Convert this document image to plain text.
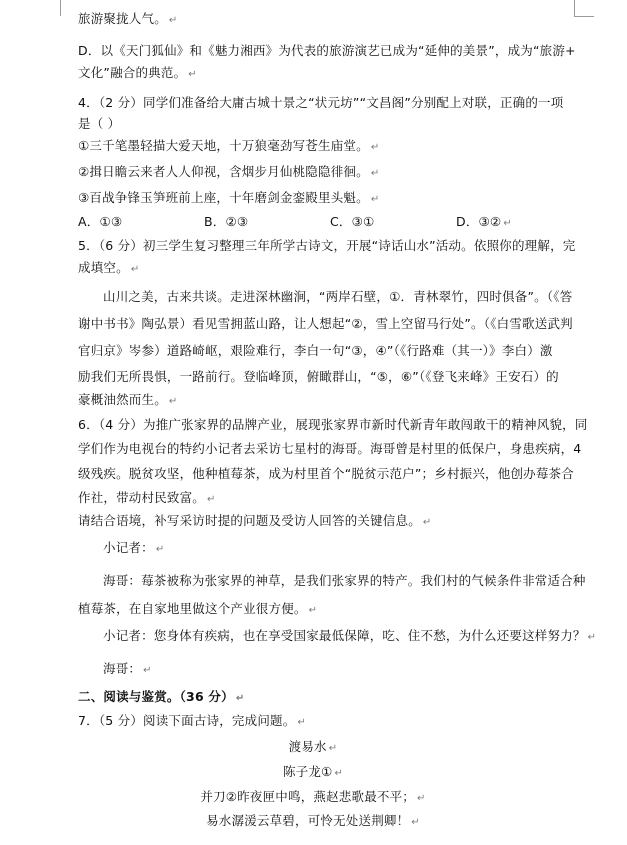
旅游聚拢人气。 ↵
D．以《天门狐仙》和《魅力湘西》为代表的旅游演艺已成为“延伸的美景”，成为“旅游+
文化”融合的典范。 ↵
4．（2 分）同学们准备给大庸古城十景之“状元坊”“文昌阁”分别配上对联，正确的一项
是（ ）
①三千笔墨轻描大爱天地，十万狼毫劲写苍生庙堂。 ↵
②揖日瞻云来者人人仰视，含烟步月仙桃隐隐徘徊。 ↵
③百战争锋玉笋班前上座，十年磨剑金銮殿里头魁。 ↵
A．①③	B．②③	C．③①	D．③② ↵
5．（6 分）初三学生复习整理三年所学古诗文，开展“诗话山水”活动。依照你的理解，完
成填空。 ↵
山川之美，古来共谈。走进深林幽涧，“两岸石壁，①．青林翠竹，四时俱备”。（《答
谢中书书》陶弘景）看见雪拥蓝山路，让人想起“②，雪上空留马行处”。（《白雪歌送武判
官归京》岑参）道路崎岖，艰险难行，李白一句“③，④”（《行路难（其一）》李白）激
励我们无所畏惧，一路前行。登临峰顶，俯瞰群山，“⑤，⑥”（《登飞来峰》王安石）的
豪概油然而生。 ↵
6．（4 分）为推广张家界的品牌产业，展现张家界市新时代新青年敢闯敢干的精神风貌，同
学们作为电视台的特约小记者去采访七星村的海哥。海哥曾是村里的低保户，身患疾病，4
级残疾。脱贫攻坚，他种植莓茶，成为村里首个“脱贫示范户”；乡村振兴，他创办莓茶合
作社，带动村民致富。 ↵
请结合语境，补写采访时提的问题及受访人回答的关键信息。 ↵
小记者： ↵
海哥：莓茶被称为张家界的神草，是我们张家界的特产。我们村的气候条件非常适合种
植莓茶，在自家地里做这个产业很方便。 ↵
小记者：您身体有疾病，也在享受国家最低保障，吃、住不愁，为什么还要这样努力？ ↵
海哥： ↵
二、阅读与鉴赏。（36 分） ↵
7．（5 分）阅读下面古诗，完成问题。 ↵
渡易水 ↵
陈子龙① ↵
并刀②昨夜匣中鸣，燕赵悲歌最不平； ↵
易水潺湲云草碧，可怜无处送荆卿！ ↵
